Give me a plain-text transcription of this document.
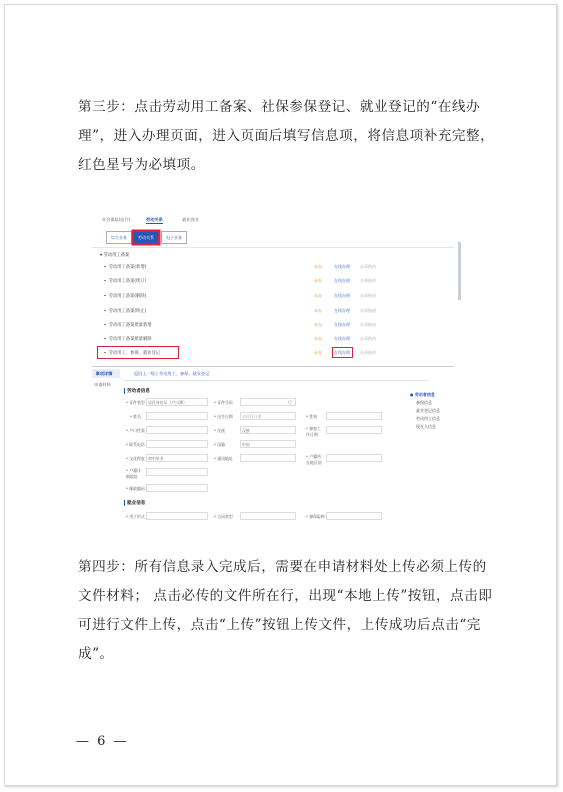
第三步：点击劳动用工备案、社保参保登记、就业登记的“在线办理”，进入办理页面，进入页面后填写信息项，将信息项补充完整，红色星号为必填项。

社会保险(医疗)	劳动关系	就业创业
综合业务	劳动关系	电子业务
▾ 劳动用工备案
劳动用工备案(新增)	未办	在线办理	办事指南
劳动用工备案(续订)	未办	在线办理	办事指南
劳动用工备案(解除)	未办	在线办理	办事指南
劳动用工备案(终止)	未办	在线办理	办事指南
劳动用工备案批量新增	未办	在线办理	办事指南
劳动用工备案批量解除	未办	在线办理	办事指南
劳动用工、参保、就业登记	未办	在线办理	办事指南
事项详情	返回上一级 | 劳动用工、参保、就业登记
申请材料
劳动者信息
* 证件类型 居民身份证（户口簿）	* 证件号码	○
* 姓名	* 出生日期 请选择日期	* 性别
* 户口性质	* 民族	汉族	* 参加工作日期
* 联系电话	* 国籍	中国
* 文化程度 初中毕业	* 通讯地址	* 户籍所在地区划
* 户籍详细地址
* 邮政编码
就业信息
* 用工形式	* 合同类型	* 参保险种
● 劳动者信息
参保信息
就业登记信息
劳动用工信息
现在人信息

第四步：所有信息录入完成后，需要在申请材料处上传必须上传的文件材料； 点击必传的文件所在行，出现“本地上传”按钮，点击即可进行文件上传，点击“上传”按钮上传文件，上传成功后点击“完成”。

— 6 —
